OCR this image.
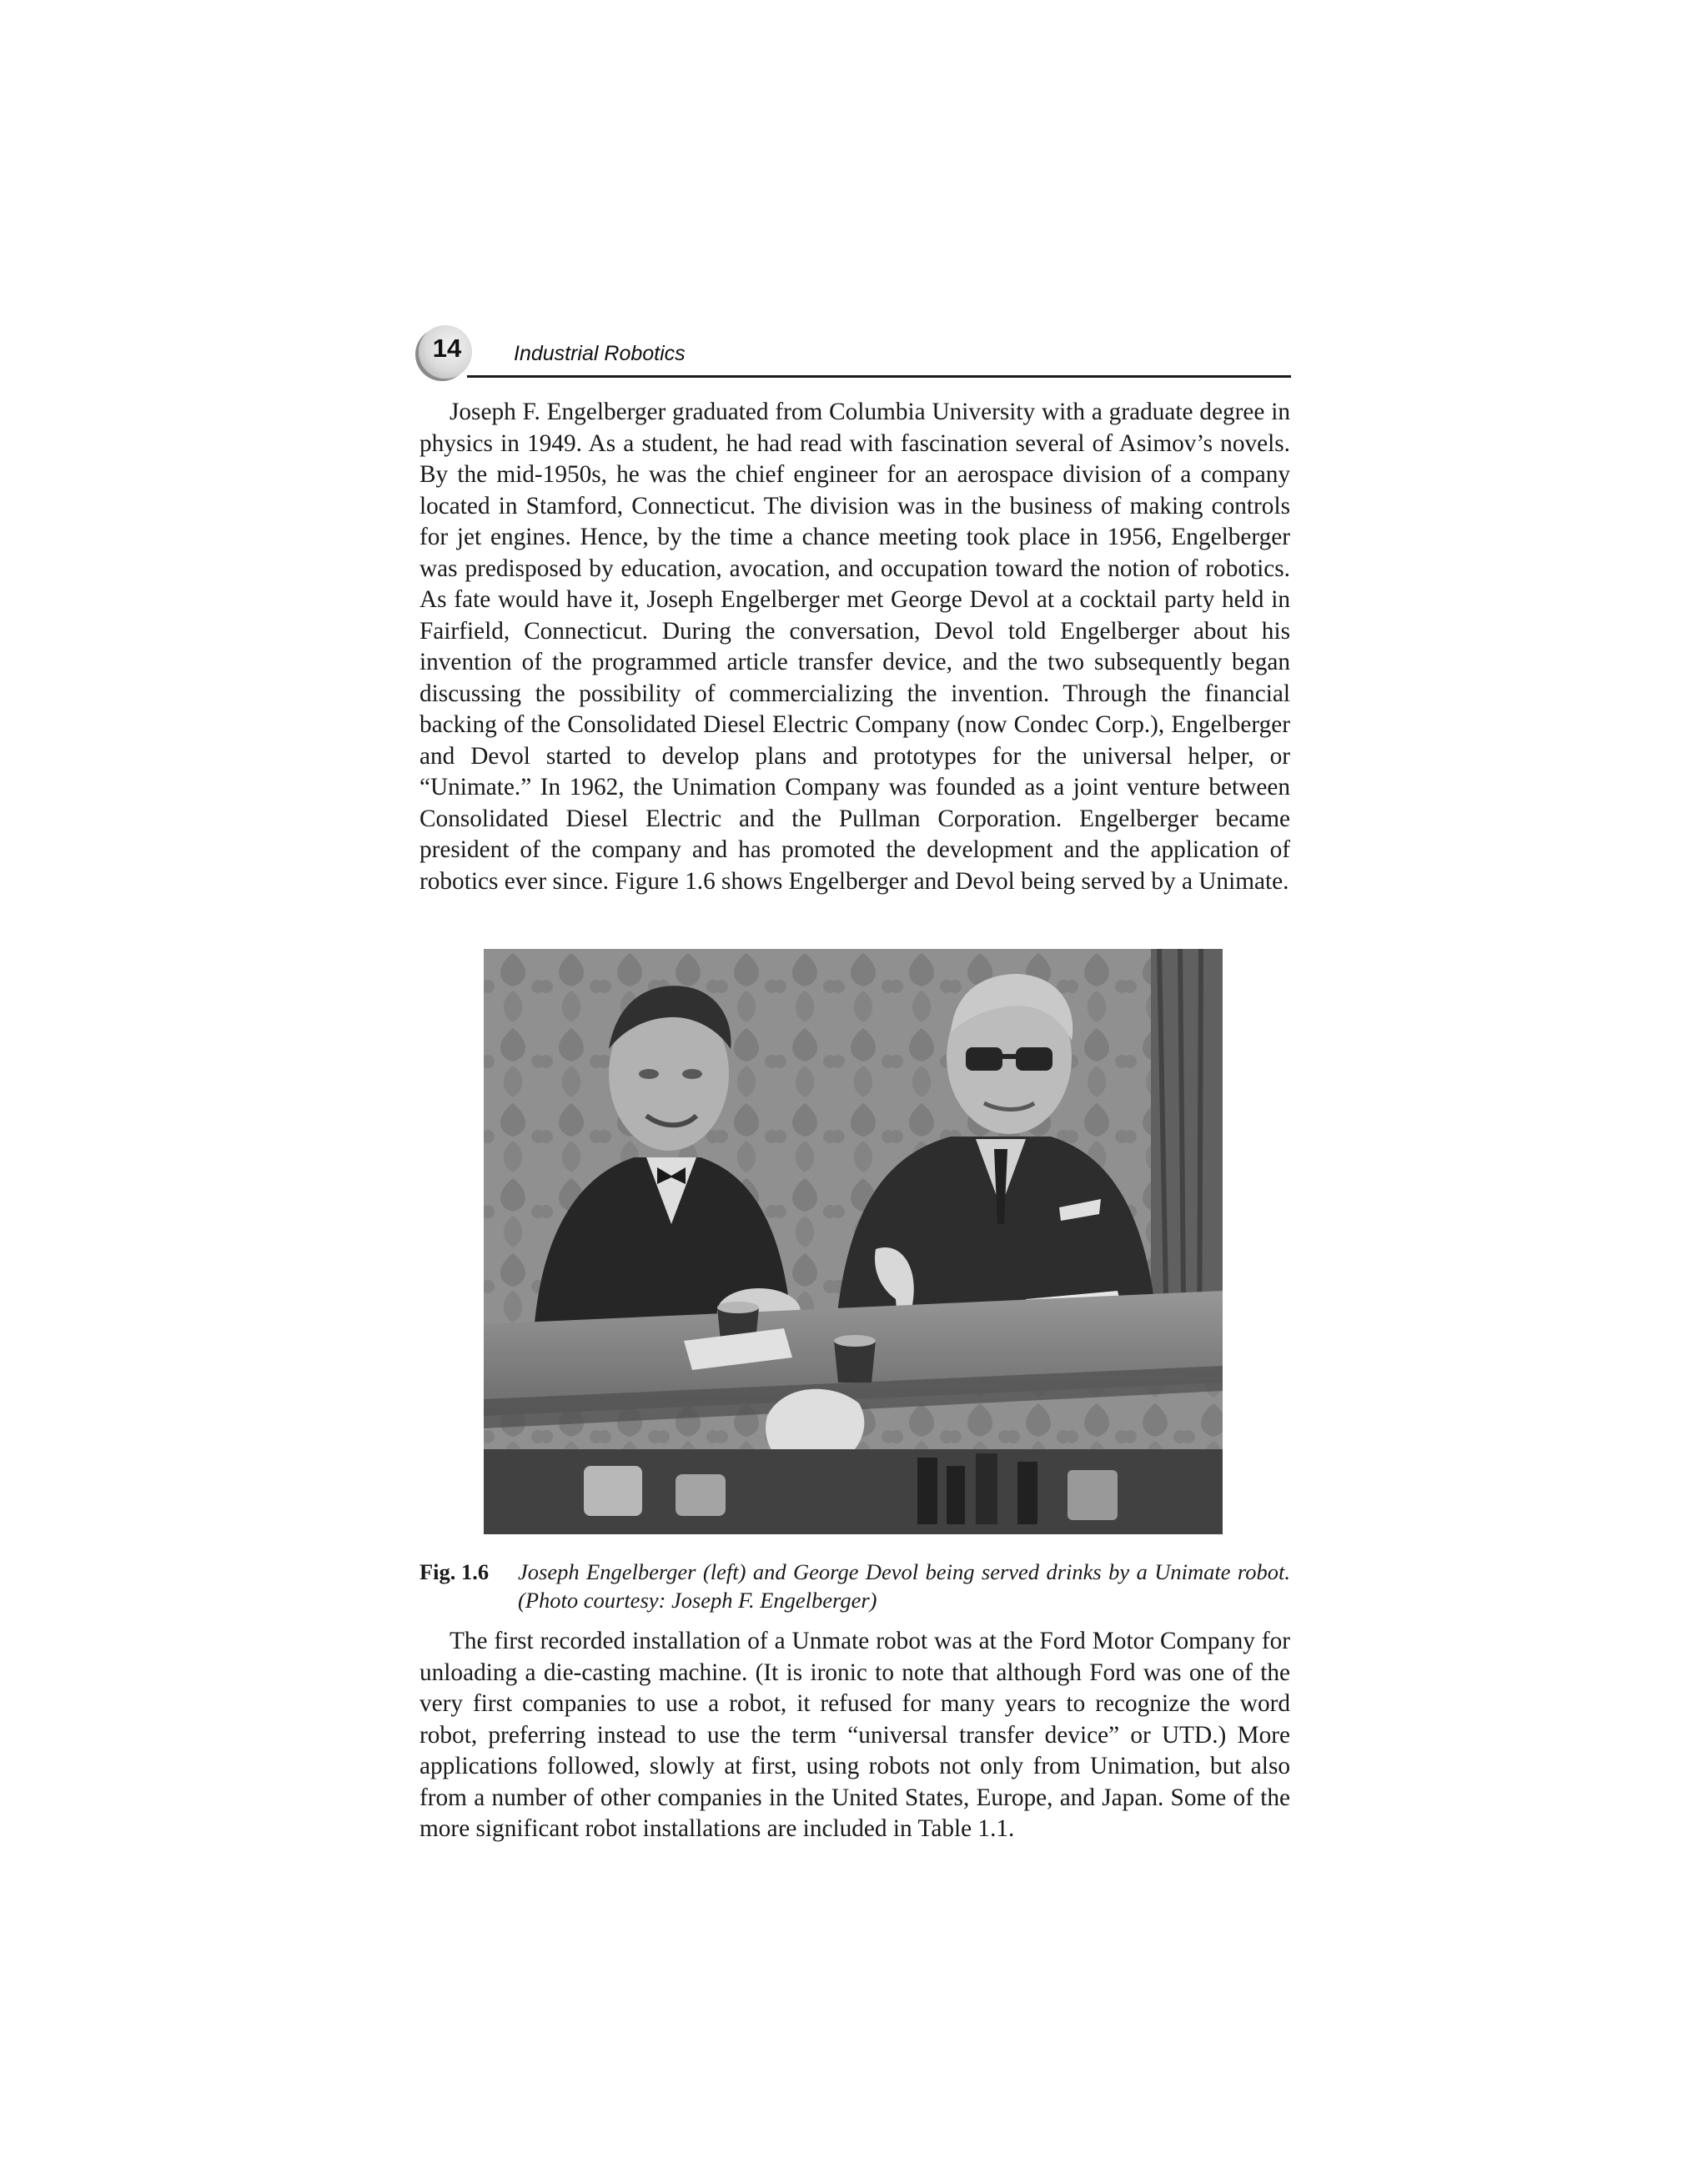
14	Industrial Robotics

Joseph F. Engelberger graduated from Columbia University with a graduate degree in physics in 1949. As a student, he had read with fascination several of Asimov’s novels. By the mid-1950s, he was the chief engineer for an aerospace division of a company located in Stamford, Connecticut. The division was in the business of making controls for jet engines. Hence, by the time a chance meeting took place in 1956, Engelberger was predisposed by education, avocation, and occupation toward the notion of robotics. As fate would have it, Joseph Engelberger met George Devol at a cocktail party held in Fairfield, Connecticut. During the conversation, Devol told Engelberger about his invention of the programmed article transfer device, and the two subsequently began discussing the possibility of commercializing the invention. Through the financial backing of the Consolidated Diesel Electric Company (now Condec Corp.), Engelberger and Devol started to develop plans and prototypes for the universal helper, or “Unimate.” In 1962, the Unimation Company was founded as a joint venture between Consolidated Diesel Electric and the Pullman Corporation. Engelberger became president of the company and has promoted the development and the application of robotics ever since. Figure 1.6 shows Engelberger and Devol being served by a Unimate.

Fig. 1.6 Joseph Engelberger (left) and George Devol being served drinks by a Unimate robot. (Photo courtesy: Joseph F. Engelberger)

The first recorded installation of a Unmate robot was at the Ford Motor Company for unloading a die-casting machine. (It is ironic to note that although Ford was one of the very first companies to use a robot, it refused for many years to recognize the word robot, preferring instead to use the term “universal transfer device” or UTD.) More applications followed, slowly at first, using robots not only from Unimation, but also from a number of other companies in the United States, Europe, and Japan. Some of the more significant robot installations are included in Table 1.1.
